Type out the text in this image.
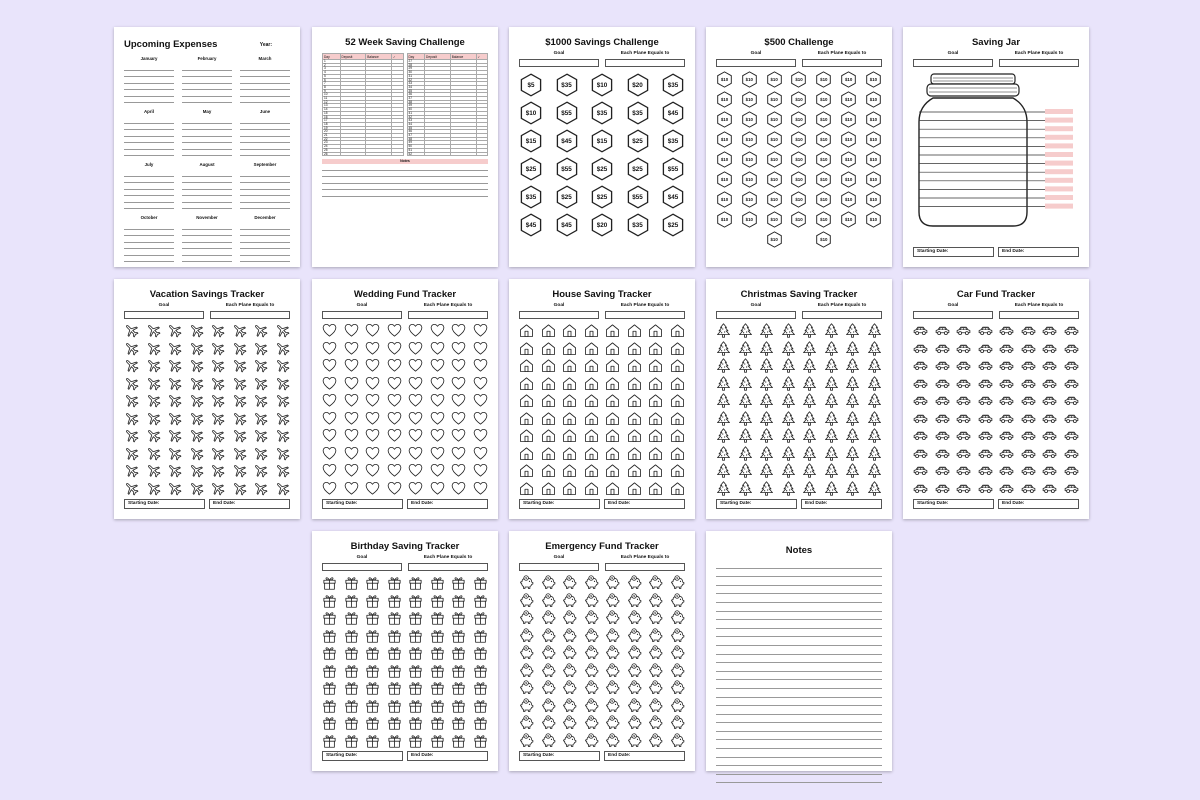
Upcoming Expenses	Year:
January	February	March
April	May	June
July	August	September
October	November	December
52 Week Saving Challenge
Day	Deposit	Balance	✓
1			
2			
3			
4			
5			
6			
7			
8			
9			
10			
11			
12			
13			
14			
15			
16			
17			
18			
19			
20			
21			
22			
23			
24			
25			
26			
Day	Deposit	Balance	✓
27			
28			
29			
30			
31			
32			
33			
34			
35			
36			
37			
38			
39			
40			
41			
42			
43			
44			
45			
46			
47			
48			
49			
50			
51			
52			
Notes
$1000 Savings Challenge
Goal	Each Plane Equals to
$5	$35	$10	$20	$35
$10	$55	$35	$35	$45
$15	$45	$15	$25	$35
$25	$55	$25	$25	$55
$35	$25	$25	$55	$45
$45	$45	$20	$35	$25
$500 Challenge
Goal	Each Plane Equals to
$10	$10	$10	$10	$10	$10	$10
$10	$10	$10	$10	$10	$10	$10
$10	$10	$10	$10	$10	$10	$10
$10	$10	$10	$10	$10	$10	$10
$10	$10	$10	$10	$10	$10	$10
$10	$10	$10	$10	$10	$10	$10
$10	$10	$10	$10	$10	$10	$10
$10	$10	$10	$10	$10	$10	$10
$10	$10
Saving Jar
Goal	Each Plane Equals to
Starting Date:	End Date:
Vacation Savings Tracker
Goal	Each Plane Equals to
Starting Date:	End Date:
Wedding Fund Tracker
Goal	Each Plane Equals to
Starting Date:	End Date:
House Saving Tracker
Goal	Each Plane Equals to
Starting Date:	End Date:
Christmas Saving Tracker
Goal	Each Plane Equals to
Starting Date:	End Date:
Car Fund Tracker
Goal	Each Plane Equals to
Starting Date:	End Date:
Birthday Saving Tracker
Goal	Each Plane Equals to
Starting Date:	End Date:
Emergency Fund Tracker
Goal	Each Plane Equals to
$	$	$	$	$	$	$	$
$	$	$	$	$	$	$	$
$	$	$	$	$	$	$	$
$	$	$	$	$	$	$	$
$	$	$	$	$	$	$	$
$	$	$	$	$	$	$	$
$	$	$	$	$	$	$	$
$	$	$	$	$	$	$	$
$	$	$	$	$	$	$	$
$	$	$	$	$	$	$	$
Starting Date:	End Date:
Notes
